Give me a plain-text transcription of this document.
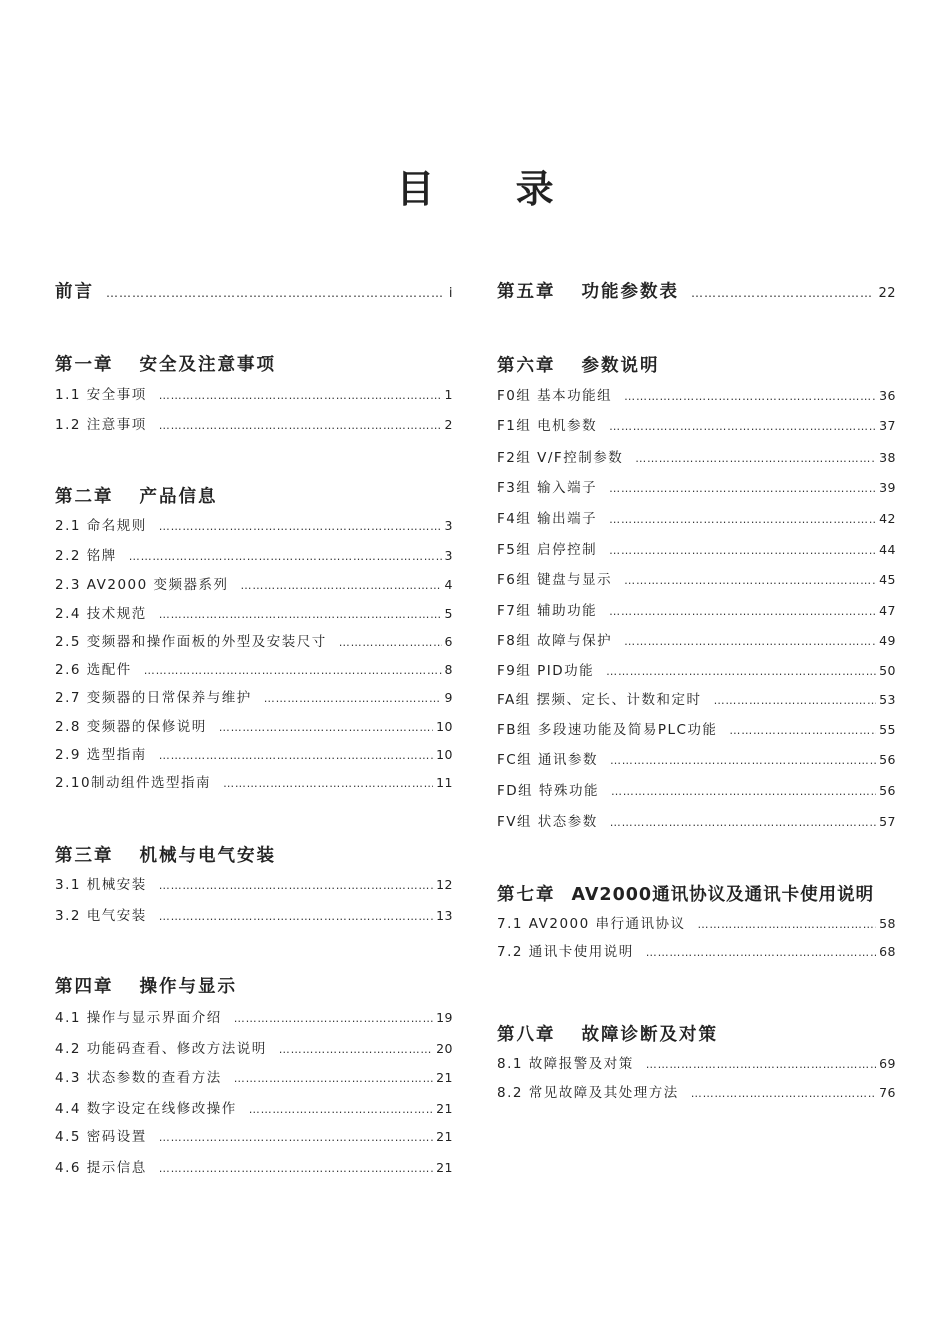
目 录
前言 ……………………………………………………………………………………………………………………………………………………	i
第一章 安全及注意事项
1.1 安全事项 ……………………………………………………………………………………………………………………………………………………	1
1.2 注意事项 ……………………………………………………………………………………………………………………………………………………	2
第二章 产品信息
2.1 命名规则 ……………………………………………………………………………………………………………………………………………………	3
2.2 铭牌 ……………………………………………………………………………………………………………………………………………………	3
2.3 AV2000 变频器系列 ……………………………………………………………………………………………………………………………………………………	4
2.4 技术规范 ……………………………………………………………………………………………………………………………………………………	5
2.5 变频器和操作面板的外型及安装尺寸 ……………………………………………………………………………………………………………………………………………………	6
2.6 选配件 ……………………………………………………………………………………………………………………………………………………	8
2.7 变频器的日常保养与维护 ……………………………………………………………………………………………………………………………………………………	9
2.8 变频器的保修说明 ……………………………………………………………………………………………………………………………………………………	10
2.9 选型指南 ……………………………………………………………………………………………………………………………………………………	10
2.10制动组件选型指南 ……………………………………………………………………………………………………………………………………………………	11
第三章 机械与电气安装
3.1 机械安装 ……………………………………………………………………………………………………………………………………………………	12
3.2 电气安装 ……………………………………………………………………………………………………………………………………………………	13
第四章 操作与显示
4.1 操作与显示界面介绍 ……………………………………………………………………………………………………………………………………………………	19
4.2 功能码查看、修改方法说明 ……………………………………………………………………………………………………………………………………………………	20
4.3 状态参数的查看方法 ……………………………………………………………………………………………………………………………………………………	21
4.4 数字设定在线修改操作 ……………………………………………………………………………………………………………………………………………………	21
4.5 密码设置 ……………………………………………………………………………………………………………………………………………………	21
4.6 提示信息 ……………………………………………………………………………………………………………………………………………………	21
第五章 功能参数表 ……………………………………………………………………………………………………………………………………………………	22
第六章 参数说明
F0组 基本功能组 ……………………………………………………………………………………………………………………………………………………	36
F1组 电机参数 ……………………………………………………………………………………………………………………………………………………	37
F2组 V/F控制参数 ……………………………………………………………………………………………………………………………………………………	38
F3组 输入端子 ……………………………………………………………………………………………………………………………………………………	39
F4组 输出端子 ……………………………………………………………………………………………………………………………………………………	42
F5组 启停控制 ……………………………………………………………………………………………………………………………………………………	44
F6组 键盘与显示 ……………………………………………………………………………………………………………………………………………………	45
F7组 辅助功能 ……………………………………………………………………………………………………………………………………………………	47
F8组 故障与保护 ……………………………………………………………………………………………………………………………………………………	49
F9组 PID功能 ……………………………………………………………………………………………………………………………………………………	50
FA组 摆频、定长、计数和定时 ……………………………………………………………………………………………………………………………………………………	53
FB组 多段速功能及简易PLC功能 ……………………………………………………………………………………………………………………………………………………	55
FC组 通讯参数 ……………………………………………………………………………………………………………………………………………………	56
FD组 特殊功能 ……………………………………………………………………………………………………………………………………………………	56
FV组 状态参数 ……………………………………………………………………………………………………………………………………………………	57
第七章 AV2000通讯协议及通讯卡使用说明
7.1 AV2000 串行通讯协议 ……………………………………………………………………………………………………………………………………………………	58
7.2 通讯卡使用说明 ……………………………………………………………………………………………………………………………………………………	68
第八章 故障诊断及对策
8.1 故障报警及对策 ……………………………………………………………………………………………………………………………………………………	69
8.2 常见故障及其处理方法 ……………………………………………………………………………………………………………………………………………………	76
